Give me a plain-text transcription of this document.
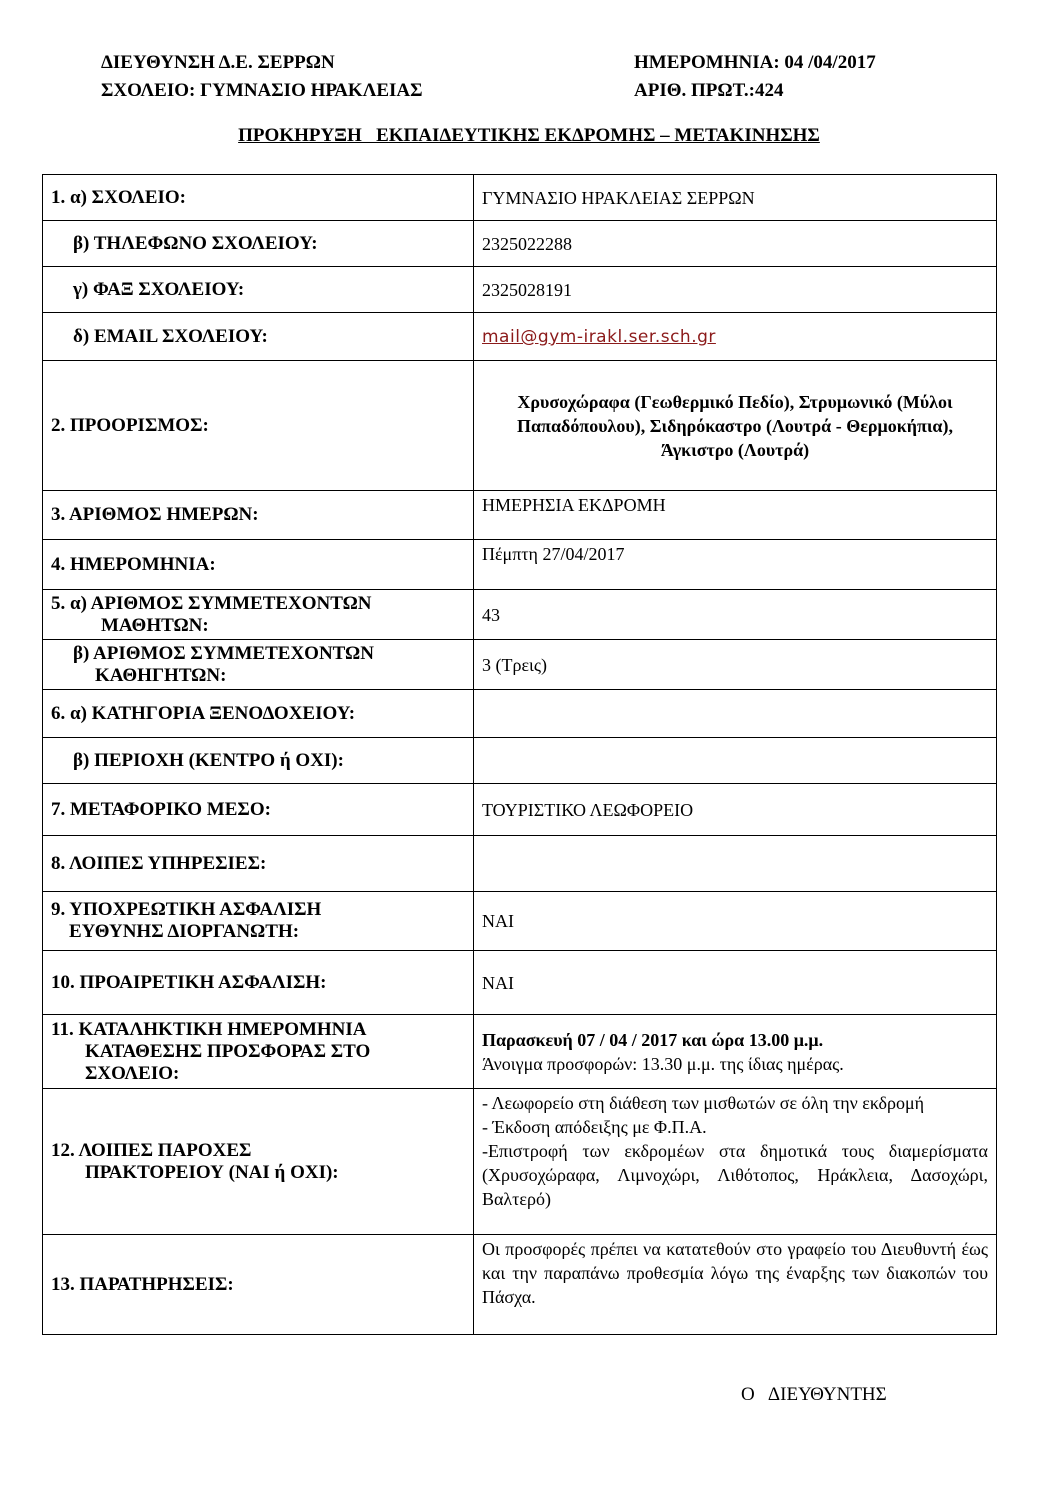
ΔΙΕΥΘΥΝΣΗ Δ.Ε. ΣΕΡΡΩΝ
ΣΧΟΛΕΙΟ: ΓΥΜΝΑΣΙΟ ΗΡΑΚΛΕΙΑΣ
ΗΜΕΡΟΜΗΝΙΑ: 04 /04/2017
ΑΡΙΘ. ΠΡΩΤ.:424
ΠΡΟΚΗΡΥΞΗ   ΕΚΠΑΙΔΕΥΤΙΚΗΣ ΕΚΔΡΟΜΗΣ – ΜΕΤΑΚΙΝΗΣΗΣ
1. α) ΣΧΟΛΕΙΟ:	ΓΥΜΝΑΣΙΟ ΗΡΑΚΛΕΙΑΣ ΣΕΡΡΩΝ
β) ΤΗΛΕΦΩΝΟ ΣΧΟΛΕΙΟΥ:	2325022288
γ) ΦΑΞ ΣΧΟΛΕΙΟΥ:	2325028191
δ) EMAIL ΣΧΟΛΕΙΟΥ:	mail@gym-irakl.ser.sch.gr
2. ΠΡΟΟΡΙΣΜΟΣ:	Χρυσοχώραφα (Γεωθερμικό Πεδίο), Στρυμωνικό (Μύλοι Παπαδόπουλου), Σιδηρόκαστρο (Λουτρά - Θερμοκήπια), Άγκιστρο (Λουτρά)
3. ΑΡΙΘΜΟΣ ΗΜΕΡΩΝ:	ΗΜΕΡΗΣΙΑ ΕΚΔΡΟΜΗ
4. ΗΜΕΡΟΜΗΝΙΑ:	Πέμπτη 27/04/2017

5. α) ΑΡΙΘΜΟΣ ΣΥΜΜΕΤΕΧΟΝΤΩΝ
ΜΑΘΗΤΩΝ:	43

β) ΑΡΙΘΜΟΣ ΣΥΜΜΕΤΕΧΟΝΤΩΝ
ΚΑΘΗΓΗΤΩΝ:	3 (Τρεις)
6. α) ΚΑΤΗΓΟΡΙΑ ΞΕΝΟΔΟΧΕΙΟΥ:	
β) ΠΕΡΙΟΧΗ (ΚΕΝΤΡΟ ή ΟΧΙ):	
7. ΜΕΤΑΦΟΡΙΚΟ ΜΕΣΟ:	ΤΟΥΡΙΣΤΙΚΟ ΛΕΩΦΟΡΕΙΟ
8. ΛΟΙΠΕΣ ΥΠΗΡΕΣΙΕΣ:	

9. ΥΠΟΧΡΕΩΤΙΚΗ ΑΣΦΑΛΙΣΗ
ΕΥΘΥΝΗΣ ΔΙΟΡΓΑΝΩΤΗ:	ΝΑΙ
10. ΠΡΟΑΙΡΕΤΙΚΗ ΑΣΦΑΛΙΣΗ:	ΝΑΙ

11. ΚΑΤΑΛΗΚΤΙΚΗ ΗΜΕΡΟΜΗΝΙΑ
ΚΑΤΑΘΕΣΗΣ ΠΡΟΣΦΟΡΑΣ ΣΤΟ
ΣΧΟΛΕΙΟ:	Παρασκευή 07 / 04 / 2017 και ώρα 13.00 μ.μ.
Άνοιγμα προσφορών: 13.30 μ.μ. της ίδιας ημέρας.

12. ΛΟΙΠΕΣ ΠΑΡΟΧΕΣ
ΠΡΑΚΤΟΡΕΙΟΥ (ΝΑΙ ή ΟΧΙ):	- Λεωφορείο στη διάθεση των μισθωτών σε όλη την εκδρομή
- Έκδοση απόδειξης με Φ.Π.Α.
-Επιστροφή των εκδρομέων στα δημοτικά τους διαμερίσματα (Χρυσοχώραφα, Λιμνοχώρι, Λιθότοπος, Ηράκλεια, Δασοχώρι, Βαλτερό)

13. ΠΑΡΑΤΗΡΗΣΕΙΣ:	Οι προσφορές πρέπει να κατατεθούν στο γραφείο του Διευθυντή έως και την παραπάνω προθεσμία λόγω της έναρξης των διακοπών του Πάσχα.
Ο   ΔΙΕΥΘΥΝΤΗΣ
